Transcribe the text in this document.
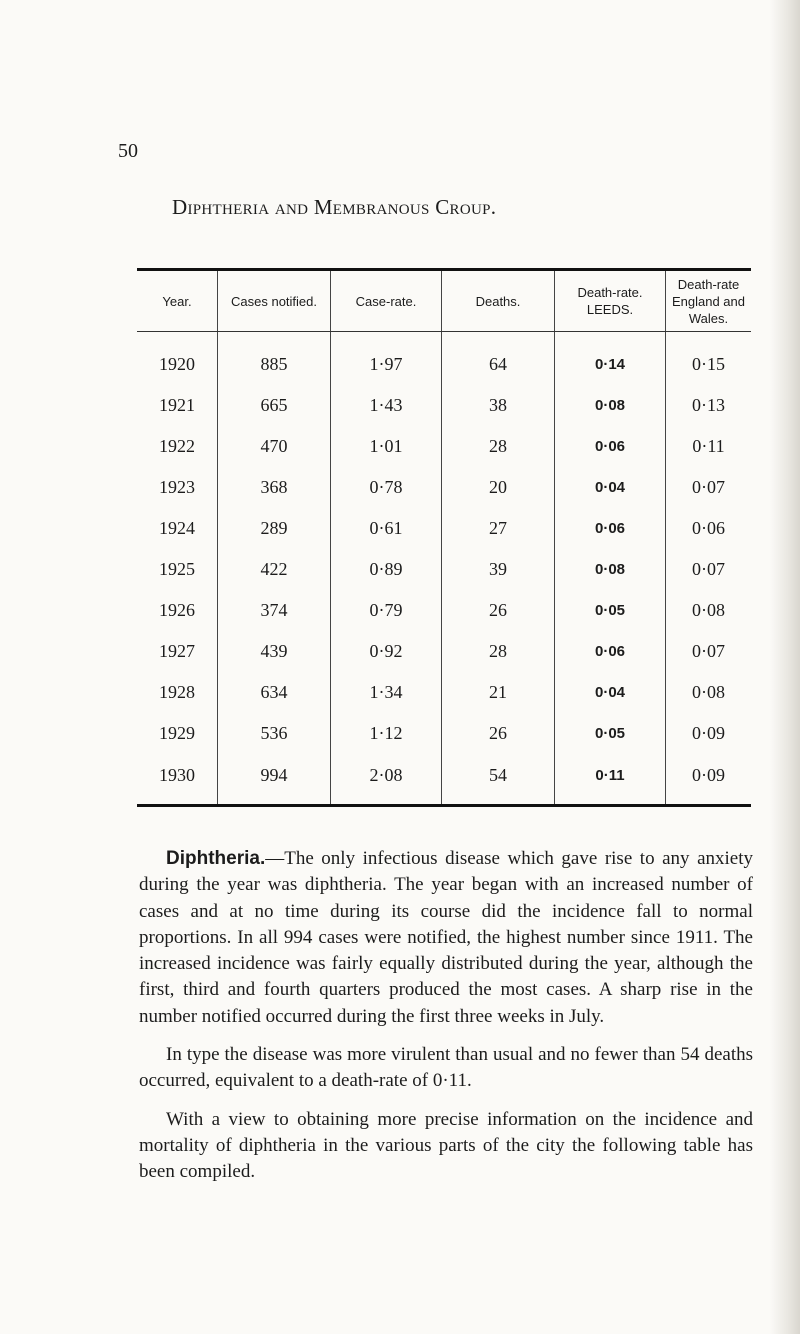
50
Diphtheria and Membranous Croup.
Year.	Cases notified.	Case-rate.	Deaths.	Death-rate. LEEDS.	Death-rate England and Wales.
1920	885	1·97	64	0·14	0·15
1921	665	1·43	38	0·08	0·13
1922	470	1·01	28	0·06	0·11
1923	368	0·78	20	0·04	0·07
1924	289	0·61	27	0·06	0·06
1925	422	0·89	39	0·08	0·07
1926	374	0·79	26	0·05	0·08
1927	439	0·92	28	0·06	0·07
1928	634	1·34	21	0·04	0·08
1929	536	1·12	26	0·05	0·09
1930	994	2·08	54	0·11	0·09

Diphtheria.—The only infectious disease which gave rise to any anxiety during the year was diphtheria. The year began with an increased number of cases and at no time during its course did the incidence fall to normal proportions. In all 994 cases were notified, the highest number since 1911. The increased incidence was fairly equally distributed during the year, although the first, third and fourth quarters produced the most cases. A sharp rise in the number notified occurred during the first three weeks in July.

In type the disease was more virulent than usual and no fewer than 54 deaths occurred, equivalent to a death-rate of 0·11.

With a view to obtaining more precise information on the incidence and mortality of diphtheria in the various parts of the city the following table has been compiled.
